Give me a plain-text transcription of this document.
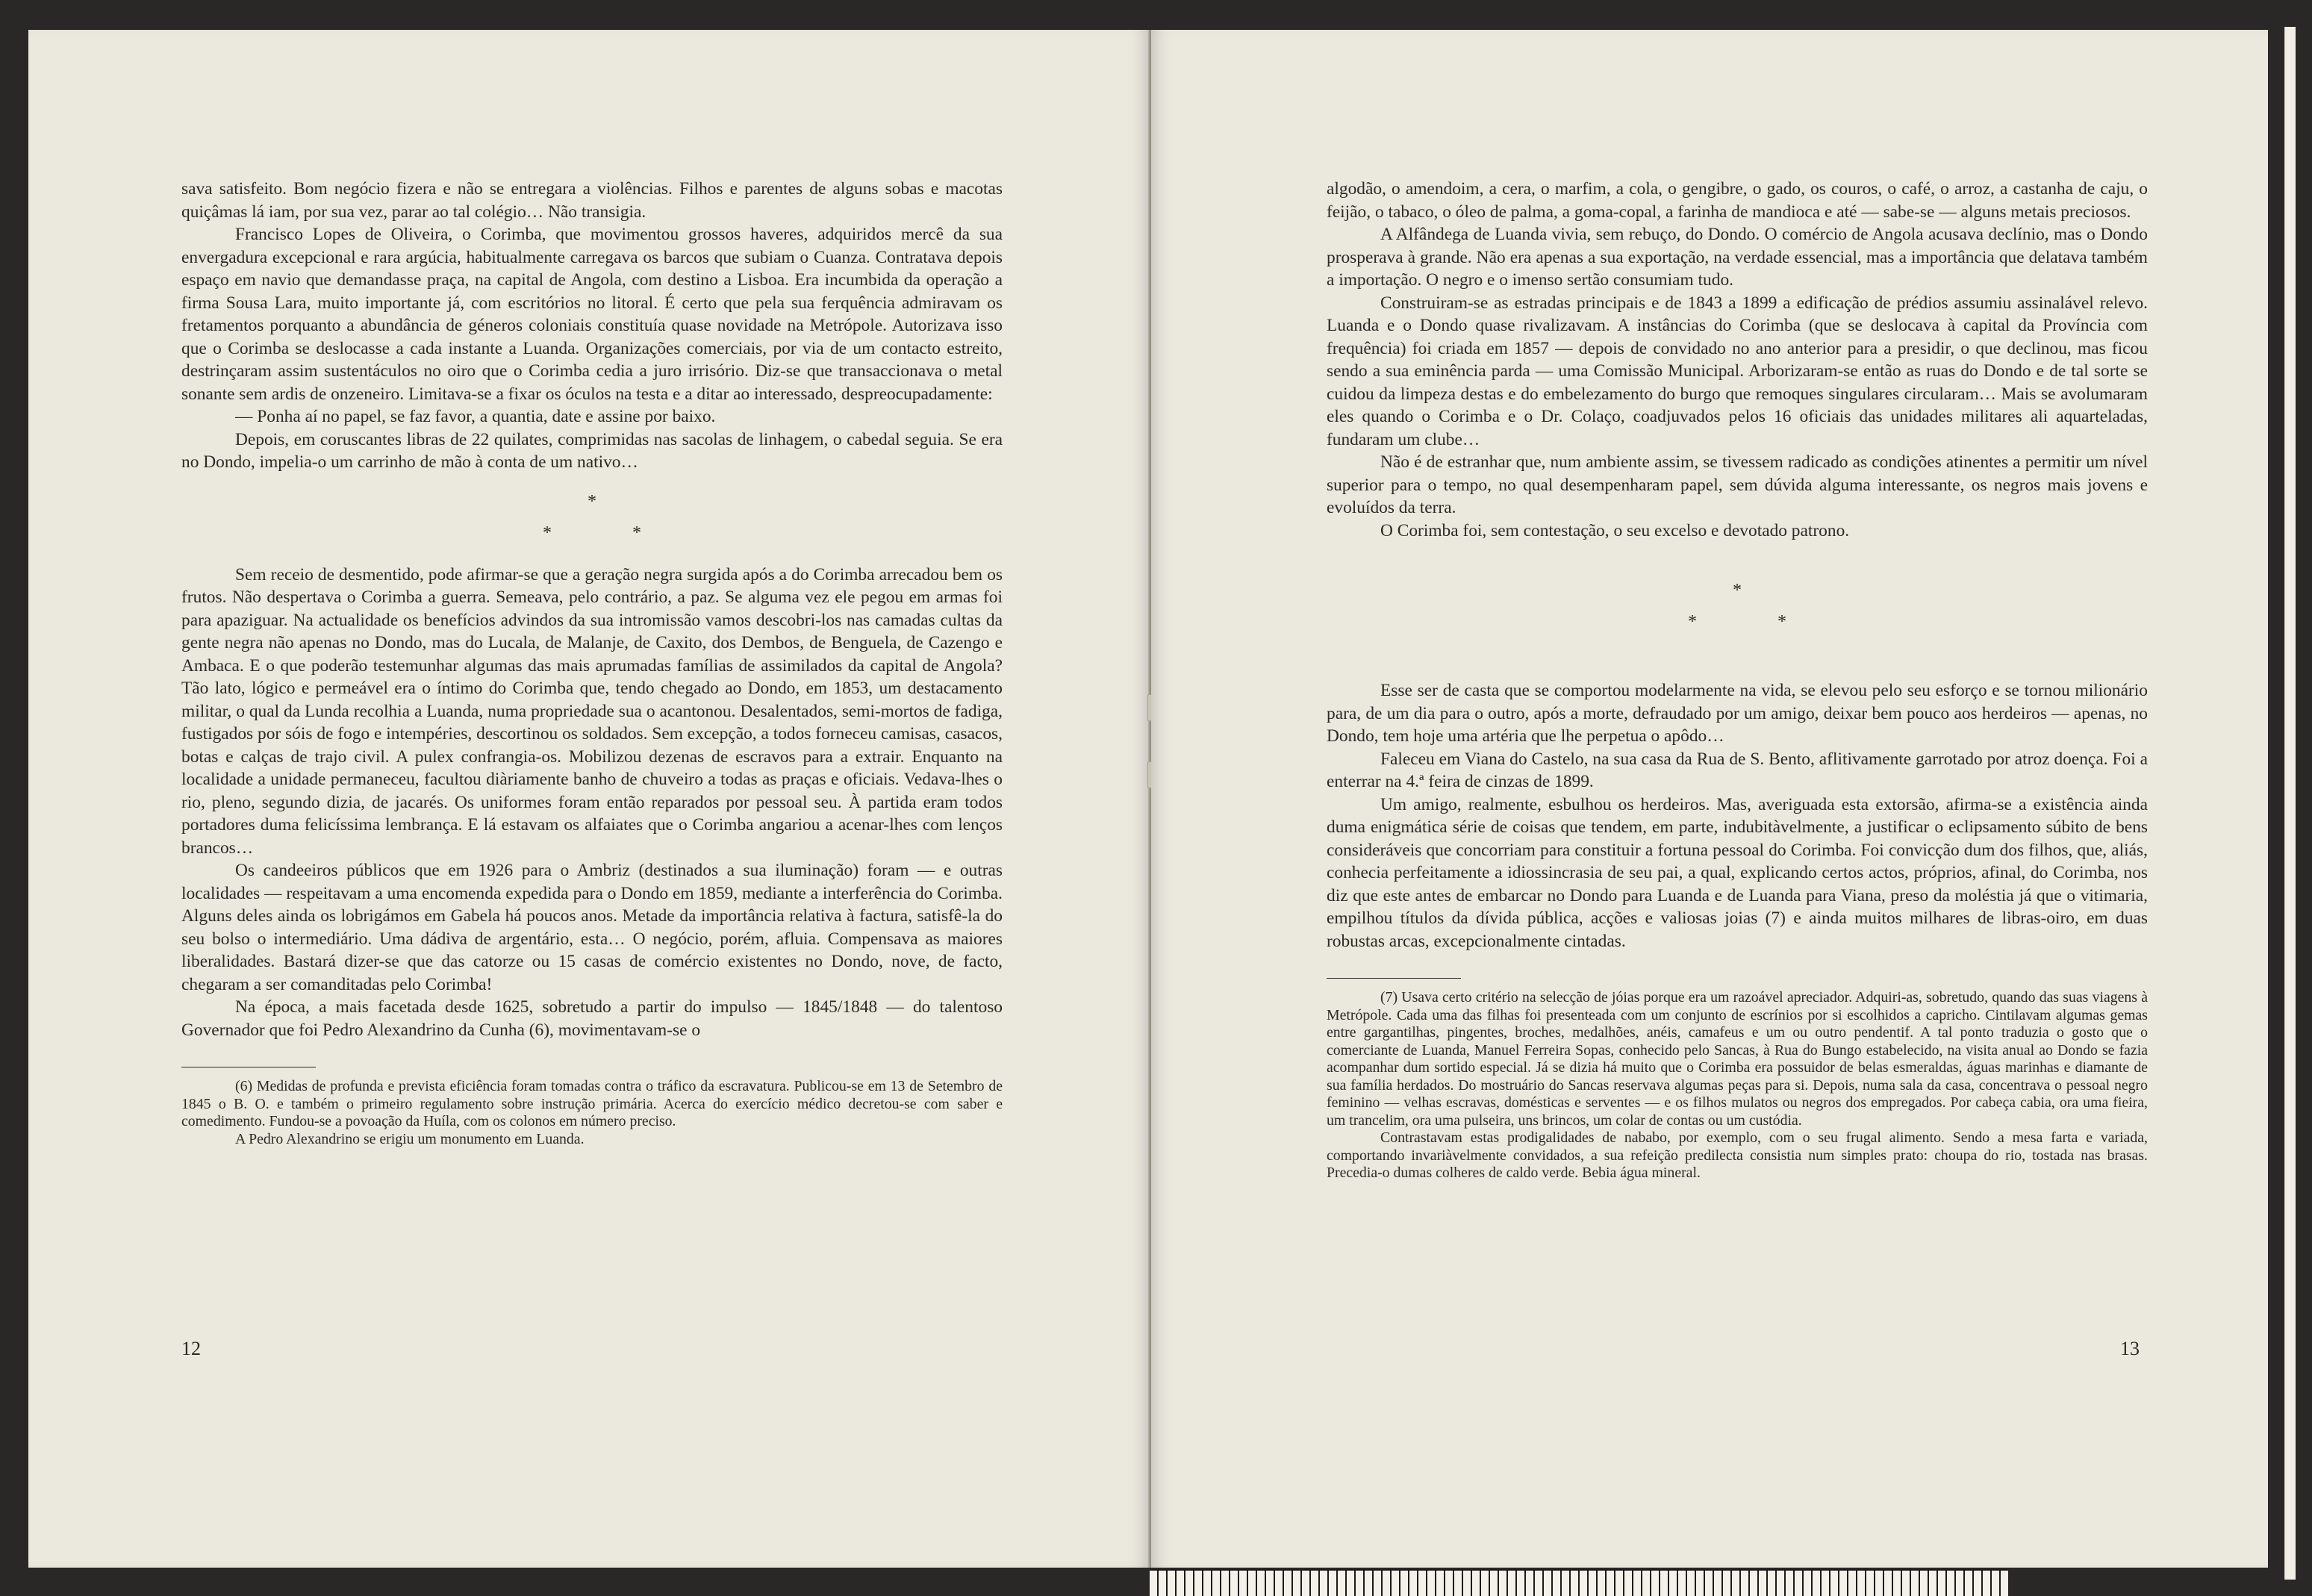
sava satisfeito. Bom negócio fizera e não se entregara a violências. Filhos e parentes de alguns sobas e macotas quiçâmas lá iam, por sua vez, parar ao tal colégio… Não transigia.

Francisco Lopes de Oliveira, o Corimba, que movimentou grossos haveres, adquiridos mercê da sua envergadura excepcional e rara argúcia, habitualmente carregava os barcos que subiam o Cuanza. Contratava depois espaço em navio que demandasse praça, na capital de Angola, com destino a Lisboa. Era incumbida da operação a firma Sousa Lara, muito importante já, com escritórios no litoral. É certo que pela sua ferquência admiravam os fretamentos porquanto a abundância de géneros coloniais constituía quase novidade na Metrópole. Autorizava isso que o Corimba se deslocasse a cada instante a Luanda. Organizações comerciais, por via de um contacto estreito, destrinçaram assim sustentáculos no oiro que o Corimba cedia a juro irrisório. Diz-se que transaccionava o metal sonante sem ardis de onzeneiro. Limitava-se a fixar os óculos na testa e a ditar ao interessado, despreocupadamente:

— Ponha aí no papel, se faz favor, a quantia, date e assine por baixo.

Depois, em coruscantes libras de 22 quilates, comprimidas nas sacolas de linhagem, o cabedal seguia. Se era no Dondo, impelia-o um carrinho de mão à conta de um nativo…

*
*	*

Sem receio de desmentido, pode afirmar-se que a geração negra surgida após a do Corimba arrecadou bem os frutos. Não despertava o Corimba a guerra. Semeava, pelo contrário, a paz. Se alguma vez ele pegou em armas foi para apaziguar. Na actualidade os benefícios advindos da sua intromissão vamos descobri-los nas camadas cultas da gente negra não apenas no Dondo, mas do Lucala, de Malanje, de Caxito, dos Dembos, de Benguela, de Cazengo e Ambaca. E o que poderão testemunhar algumas das mais aprumadas famílias de assimilados da capital de Angola? Tão lato, lógico e permeável era o íntimo do Corimba que, tendo chegado ao Dondo, em 1853, um destacamento militar, o qual da Lunda recolhia a Luanda, numa propriedade sua o acantonou. Desalentados, semi-mortos de fadiga, fustigados por sóis de fogo e intempéries, descortinou os soldados. Sem excepção, a todos forneceu camisas, casacos, botas e calças de trajo civil. A pulex confrangia-os. Mobilizou dezenas de escravos para a extrair. Enquanto na localidade a unidade permaneceu, facultou diàriamente banho de chuveiro a todas as praças e oficiais. Vedava-lhes o rio, pleno, segundo dizia, de jacarés. Os uniformes foram então reparados por pessoal seu. À partida eram todos portadores duma felicíssima lembrança. E lá estavam os alfaiates que o Corimba angariou a acenar-lhes com lenços brancos…

Os candeeiros públicos que em 1926 para o Ambriz (destinados a sua iluminação) foram — e outras localidades — respeitavam a uma encomenda expedida para o Dondo em 1859, mediante a interferência do Corimba. Alguns deles ainda os lobrigámos em Gabela há poucos anos. Metade da importância relativa à factura, satisfê-la do seu bolso o intermediário. Uma dádiva de argentário, esta… O negócio, porém, afluia. Compensava as maiores liberalidades. Bastará dizer-se que das catorze ou 15 casas de comércio existentes no Dondo, nove, de facto, chegaram a ser comanditadas pelo Corimba!

Na época, a mais facetada desde 1625, sobretudo a partir do impulso — 1845/1848 — do talentoso Governador que foi Pedro Alexandrino da Cunha (6), movimentavam-se o

(6) Medidas de profunda e prevista eficiência foram tomadas contra o tráfico da escravatura. Publicou-se em 13 de Setembro de 1845 o B. O. e também o primeiro regulamento sobre instrução primária. Acerca do exercício médico decretou-se com saber e comedimento. Fundou-se a povoação da Huíla, com os colonos em número preciso.

A Pedro Alexandrino se erigiu um monumento em Luanda.

12

algodão, o amendoim, a cera, o marfim, a cola, o gengibre, o gado, os couros, o café, o arroz, a castanha de caju, o feijão, o tabaco, o óleo de palma, a goma-copal, a farinha de mandioca e até — sabe-se — alguns metais preciosos.

A Alfândega de Luanda vivia, sem rebuço, do Dondo. O comércio de Angola acusava declínio, mas o Dondo prosperava à grande. Não era apenas a sua exportação, na verdade essencial, mas a importância que delatava também a importação. O negro e o imenso sertão consumiam tudo.

Construiram-se as estradas principais e de 1843 a 1899 a edificação de prédios assumiu assinalável relevo. Luanda e o Dondo quase rivalizavam. A instâncias do Corimba (que se deslocava à capital da Província com frequência) foi criada em 1857 — depois de convidado no ano anterior para a presidir, o que declinou, mas ficou sendo a sua eminência parda — uma Comissão Municipal. Arborizaram-se então as ruas do Dondo e de tal sorte se cuidou da limpeza destas e do embelezamento do burgo que remoques singulares circularam… Mais se avolumaram eles quando o Corimba e o Dr. Colaço, coadjuvados pelos 16 oficiais das unidades militares ali aquarteladas, fundaram um clube…

Não é de estranhar que, num ambiente assim, se tivessem radicado as condições atinentes a permitir um nível superior para o tempo, no qual desempenharam papel, sem dúvida alguma interessante, os negros mais jovens e evoluídos da terra.

O Corimba foi, sem contestação, o seu excelso e devotado patrono.

*
*	*

Esse ser de casta que se comportou modelarmente na vida, se elevou pelo seu esforço e se tornou milionário para, de um dia para o outro, após a morte, defraudado por um amigo, deixar bem pouco aos herdeiros — apenas, no Dondo, tem hoje uma artéria que lhe perpetua o apôdo…

Faleceu em Viana do Castelo, na sua casa da Rua de S. Bento, aflitivamente garrotado por atroz doença. Foi a enterrar na 4.ª feira de cinzas de 1899.

Um amigo, realmente, esbulhou os herdeiros. Mas, averiguada esta extorsão, afirma-se a existência ainda duma enigmática série de coisas que tendem, em parte, indubitàvelmente, a justificar o eclipsamento súbito de bens consideráveis que concorriam para constituir a fortuna pessoal do Corimba. Foi convicção dum dos filhos, que, aliás, conhecia perfeitamente a idiossincrasia de seu pai, a qual, explicando certos actos, próprios, afinal, do Corimba, nos diz que este antes de embarcar no Dondo para Luanda e de Luanda para Viana, preso da moléstia já que o vitimaria, empilhou títulos da dívida pública, acções e valiosas joias (7) e ainda muitos milhares de libras-oiro, em duas robustas arcas, excepcionalmente cintadas.

(7) Usava certo critério na selecção de jóias porque era um razoável apreciador. Adquiri-as, sobretudo, quando das suas viagens à Metrópole. Cada uma das filhas foi presenteada com um conjunto de escrínios por si escolhidos a capricho. Cintilavam algumas gemas entre gargantilhas, pingentes, broches, medalhões, anéis, camafeus e um ou outro pendentif. A tal ponto traduzia o gosto que o comerciante de Luanda, Manuel Ferreira Sopas, conhecido pelo Sancas, à Rua do Bungo estabelecido, na visita anual ao Dondo se fazia acompanhar dum sortido especial. Já se dizia há muito que o Corimba era possuidor de belas esmeraldas, águas marinhas e diamante de sua família herdados. Do mostruário do Sancas reservava algumas peças para si. Depois, numa sala da casa, concentrava o pessoal negro feminino — velhas escravas, domésticas e serventes — e os filhos mulatos ou negros dos empregados. Por cabeça cabia, ora uma fieira, um trancelim, ora uma pulseira, uns brincos, um colar de contas ou um custódia.

Contrastavam estas prodigalidades de nababo, por exemplo, com o seu frugal alimento. Sendo a mesa farta e variada, comportando invariàvelmente convidados, a sua refeição predilecta consistia num simples prato: choupa do rio, tostada nas brasas. Precedia-o dumas colheres de caldo verde. Bebia água mineral.

13
